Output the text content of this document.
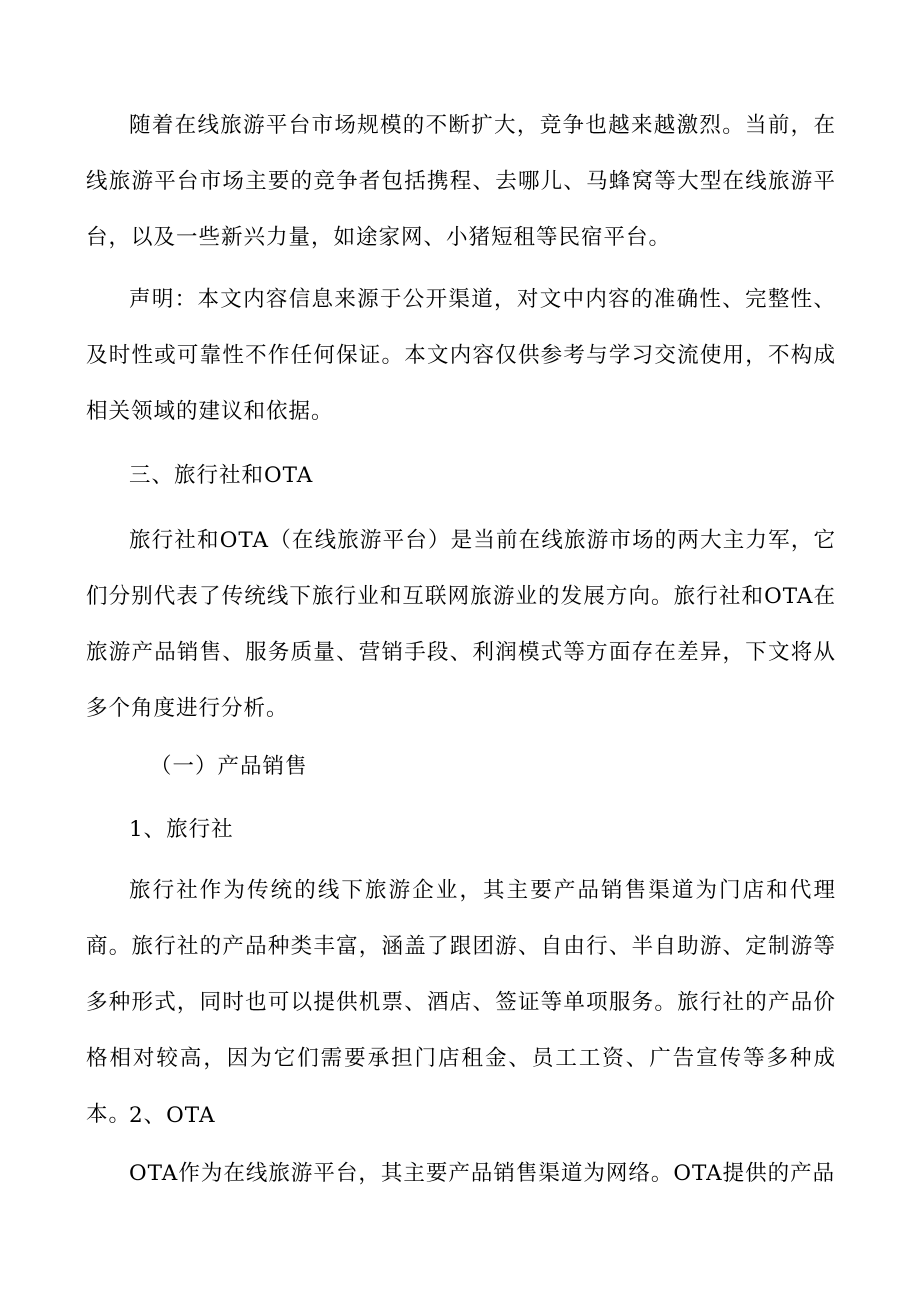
随着在线旅游平台市场规模的不断扩大，竞争也越来越激烈。当前，在线旅游平台市场主要的竞争者包括携程、去哪儿、马蜂窝等大型在线旅游平台，以及一些新兴力量，如途家网、小猪短租等民宿平台。

声明：本文内容信息来源于公开渠道，对文中内容的准确性、完整性、及时性或可靠性不作任何保证。本文内容仅供参考与学习交流使用，不构成相关领域的建议和依据。

三、旅行社和OTA

旅行社和OTA（在线旅游平台）是当前在线旅游市场的两大主力军，它们分别代表了传统线下旅行业和互联网旅游业的发展方向。旅行社和OTA在旅游产品销售、服务质量、营销手段、利润模式等方面存在差异，下文将从多个角度进行分析。

（一）产品销售

1、旅行社

旅行社作为传统的线下旅游企业，其主要产品销售渠道为门店和代理商。旅行社的产品种类丰富，涵盖了跟团游、自由行、半自助游、定制游等多种形式，同时也可以提供机票、酒店、签证等单项服务。旅行社的产品价格相对较高，因为它们需要承担门店租金、员工工资、广告宣传等多种成本。

2、OTA

OTA作为在线旅游平台，其主要产品销售渠道为网络。OTA提供的产品
